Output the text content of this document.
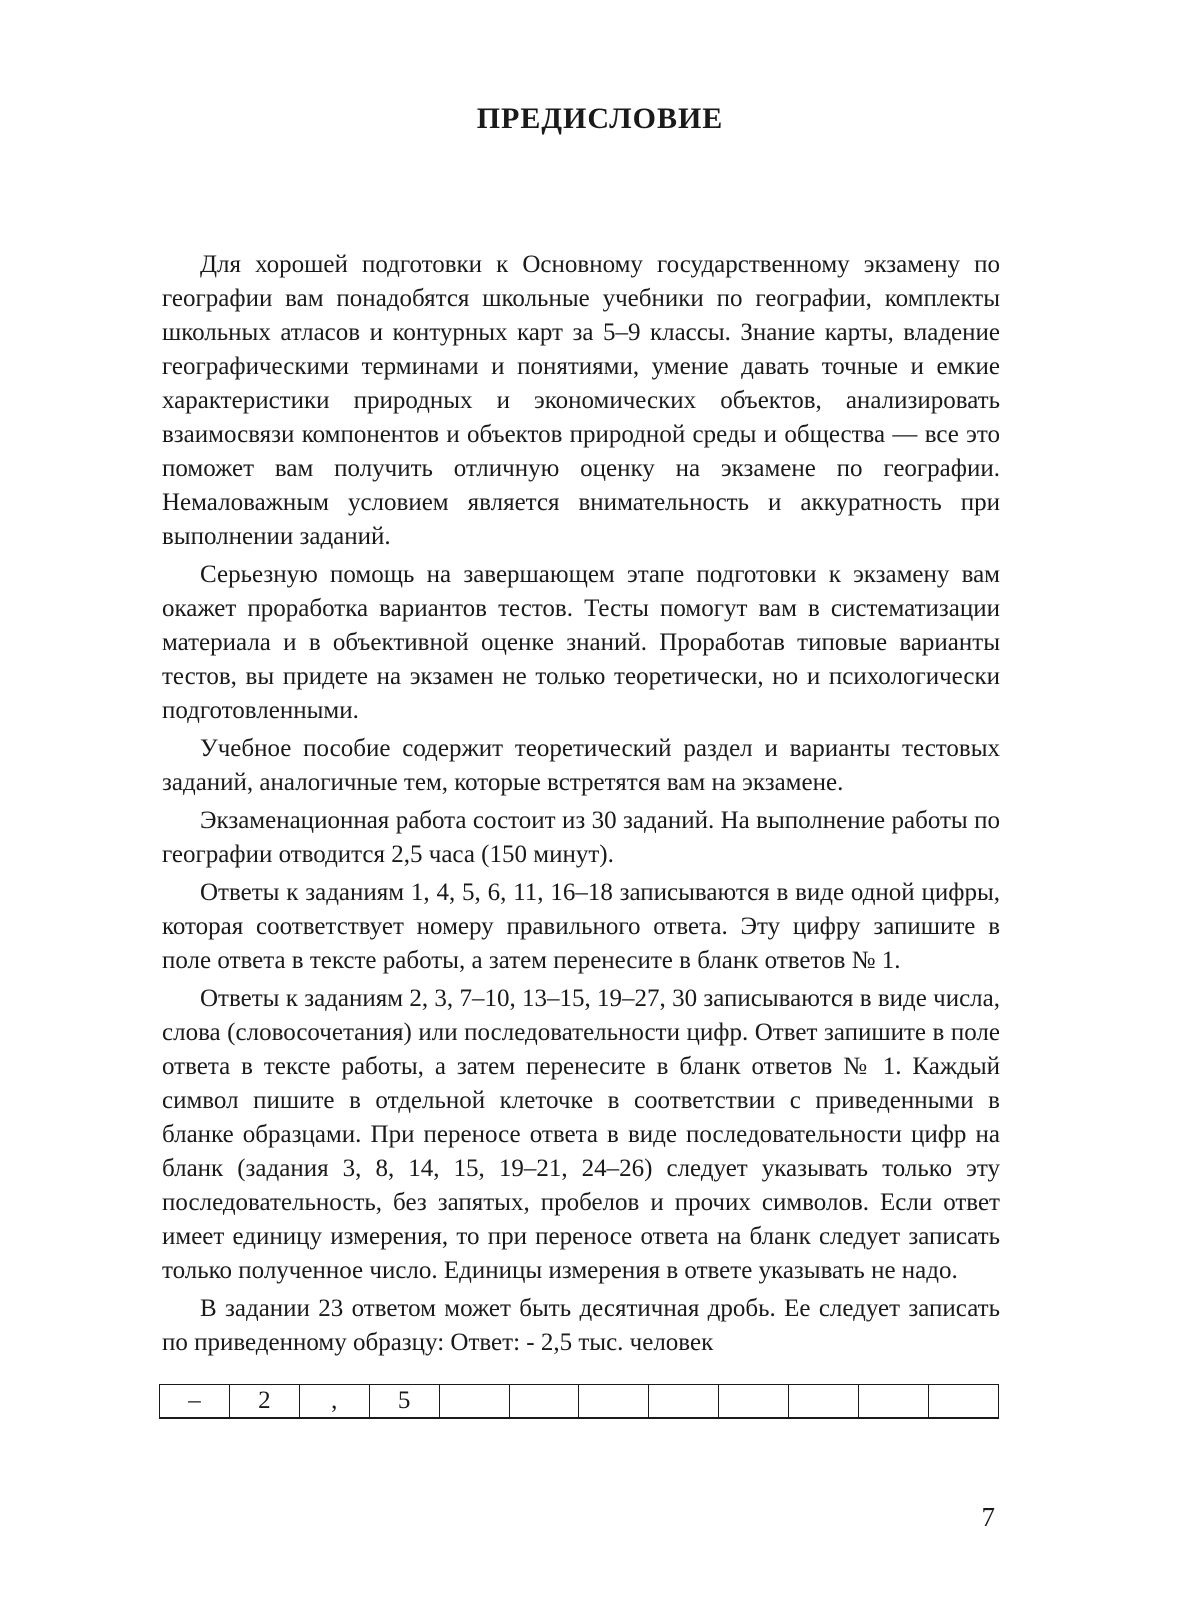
ПРЕДИСЛОВИЕ

Для хорошей подготовки к Основному государственному экзамену по географии вам понадобятся школьные учебники по географии, комплекты школьных атласов и контурных карт за 5–9 классы. Знание карты, владение географическими терминами и понятиями, умение давать точные и емкие характеристики природных и экономических объектов, анализировать взаимосвязи компонентов и объектов природной среды и общества — все это поможет вам получить отличную оценку на экзамене по географии. Немаловажным условием является внимательность и аккуратность при выполнении заданий.

Серьезную помощь на завершающем этапе подготовки к экзамену вам окажет проработка вариантов тестов. Тесты помогут вам в систематизации материала и в объективной оценке знаний. Проработав типовые варианты тестов, вы придете на экзамен не только теоретически, но и психологически подготовленными.

Учебное пособие содержит теоретический раздел и варианты тестовых заданий, аналогичные тем, которые встретятся вам на экзамене.

Экзаменационная работа состоит из 30 заданий. На выполнение работы по географии отводится 2,5 часа (150 минут).

Ответы к заданиям 1, 4, 5, 6, 11, 16–18 записываются в виде одной цифры, которая соответствует номеру правильного ответа. Эту цифру запишите в поле ответа в тексте работы, а затем перенесите в бланк ответов № 1.

Ответы к заданиям 2, 3, 7–10, 13–15, 19–27, 30 записываются в виде числа, слова (словосочетания) или последовательности цифр. Ответ запишите в поле ответа в тексте работы, а затем перенесите в бланк ответов № 1. Каждый символ пишите в отдельной клеточке в соответствии с приведенными в бланке образцами. При переносе ответа в виде последовательности цифр на бланк (задания 3, 8, 14, 15, 19–21, 24–26) следует указывать только эту последовательность, без запятых, пробелов и прочих символов. Если ответ имеет единицу измерения, то при переносе ответа на бланк следует записать только полученное число. Единицы измерения в ответе указывать не надо.

В задании 23 ответом может быть десятичная дробь. Ее следует записать по приведенному образцу: Ответ: - 2,5 тыс. человек

–	2	,	5								
7
